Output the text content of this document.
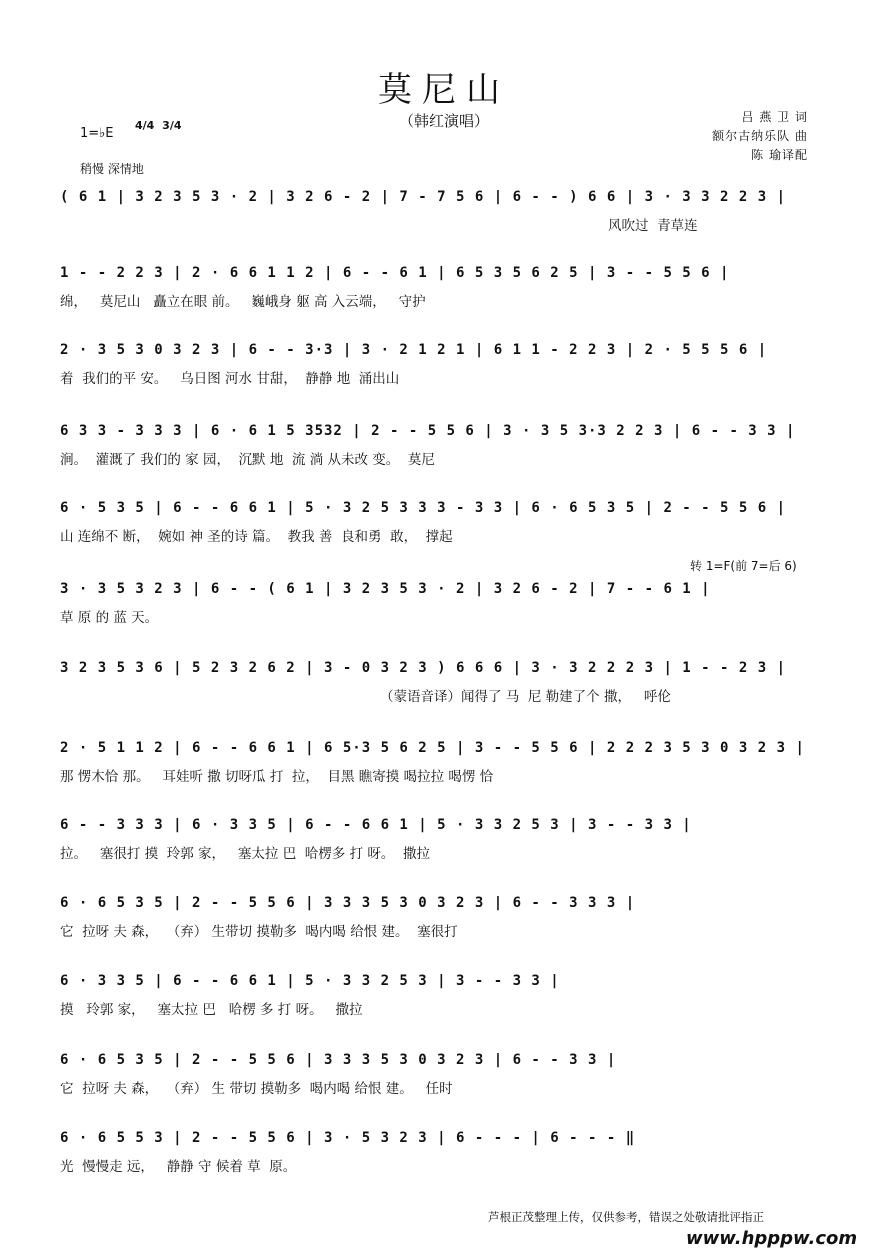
莫尼山
（韩红演唱）	吕 燕 卫 词
额尔古纳乐队 曲
陈 瑜译配
1=♭E
4/4 3/4
稍慢 深情地
( 6 1 | 3 2 3 5 3 · 2 | 3 2 6 - 2 | 7 - 7 5 6 | 6 - - ) 6 6 | 3 · 3 3 2 2 3 |
风吹过  青草连
1 - - 2 2 3 | 2 · 6 6 1 1 2 | 6 - - 6 1 | 6 5 3 5 6 2 5 | 3 - - 5 5 6 |
绵，   莫尼山   矗立在眼 前。   巍峨身 躯 高 入云端，   守护
2 · 3 5 3 0 3 2 3 | 6 - - 3·3 | 3 · 2 1 2 1 | 6 1 1 - 2 2 3 | 2 · 5 5 5 6 |
着  我们的平 安。   乌日图 河水 甘甜，  静静 地  涌出山
6 3 3 - 3 3 3 | 6 · 6 1 5 3532 | 2 - - 5 5 6 | 3 · 3 5 3·3 2 2 3 | 6 - - 3 3 |
涧。  灌溉了 我们的 家 园，  沉默 地  流 淌 从未改 变。  莫尼
6 · 5 3 5 | 6 - - 6 6 1 | 5 · 3 2 5 3 3 3 - 3 3 | 6 · 6 5 3 5 | 2 - - 5 5 6 |
山 连绵不 断，  婉如 神 圣的诗 篇。  教我 善  良和勇  敢，  撑起
转 1=F(前 7=后 6)
3 · 3 5 3 2 3 | 6 - - ( 6 1 | 3 2 3 5 3 · 2 | 3 2 6 - 2 | 7 - - 6 1 |
草 原 的 蓝 天。
3 2 3 5 3 6 | 5 2 3 2 6 2 | 3 - 0 3 2 3 ) 6 6 6 | 3 · 3 2 2 2 3 | 1 - - 2 3 |
（蒙语音译）闻得了 马  尼 勒建了个 撒，   呼伦
2 · 5 1 1 2 | 6 - - 6 6 1 | 6 5·3 5 6 2 5 | 3 - - 5 5 6 | 2 2 2 3 5 3 0 3 2 3 |
那 愣木恰 那。   耳娃听 撒 切呀瓜 打  拉，  目黑 瞧寄摸 喝拉拉 喝愣 恰
6 - - 3 3 3 | 6 · 3 3 5 | 6 - - 6 6 1 | 5 · 3 3 2 5 3 | 3 - - 3 3 |
拉。   塞很打 摸  玲郭 家，   塞太拉 巴  哈楞多 打 呀。  撒拉
6 · 6 5 3 5 | 2 - - 5 5 6 | 3 3 3 5 3 0 3 2 3 | 6 - - 3 3 3 |
它  拉呀 夫 森，  （弃） 生带切 摸勒多  喝内喝 给恨 建。  塞很打
6 · 3 3 5 | 6 - - 6 6 1 | 5 · 3 3 2 5 3 | 3 - - 3 3 |
摸   玲郭 家，   塞太拉 巴   哈楞 多 打 呀。   撒拉
6 · 6 5 3 5 | 2 - - 5 5 6 | 3 3 3 5 3 0 3 2 3 | 6 - - 3 3 |
它  拉呀 夫 森，  （弃） 生 带切 摸勒多  喝内喝 给恨 建。   任时
6 · 6 5 5 3 | 2 - - 5 5 6 | 3 · 5 3 2 3 | 6 - - - | 6 - - - ‖
光  慢慢走 远，   静静 守 候着 草  原。
芦根正茂整理上传，仅供参考，错误之处敬请批评指正
www.hpppw.com
